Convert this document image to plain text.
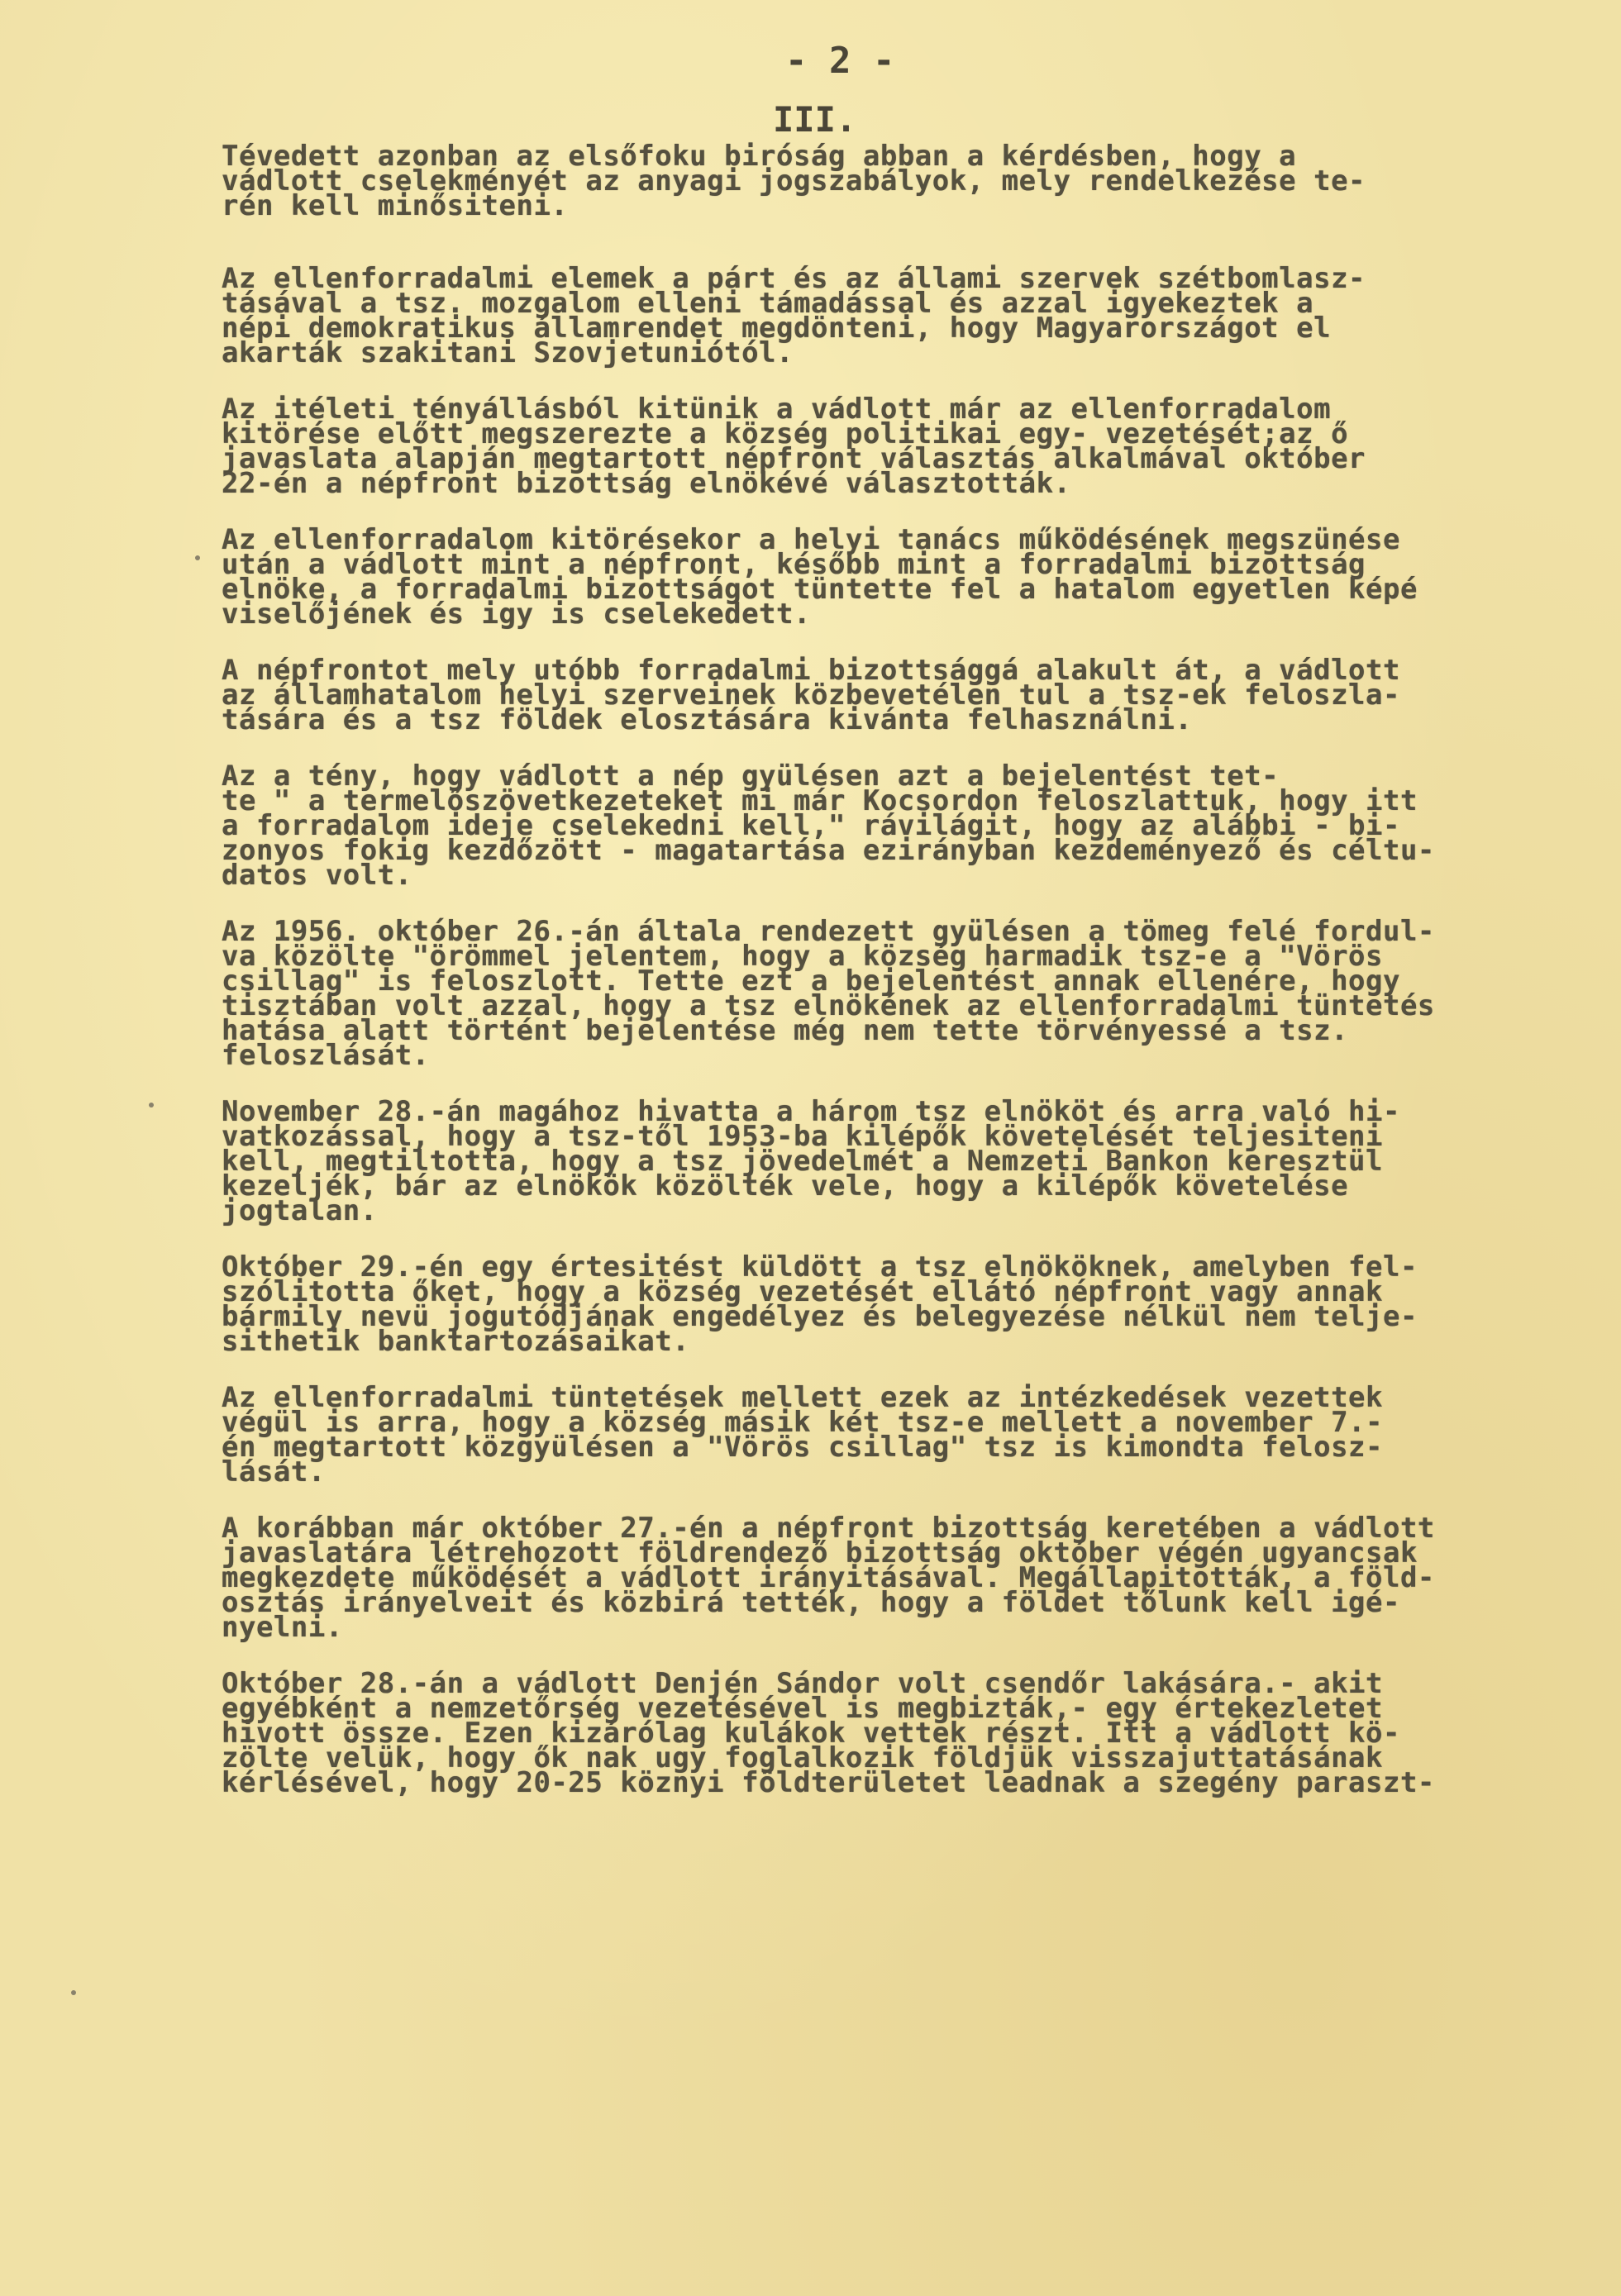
- 2 -
III.
Tévedett azonban az elsőfoku biróság abban a kérdésben, hogy a
vádlott cselekményét az anyagi jogszabályok, mely rendelkezése te-
rén kell minősiteni.
Az ellenforradalmi elemek a párt és az állami szervek szétbomlasz-
tásával a tsz. mozgalom elleni támadással és azzal igyekeztek a
népi demokratikus államrendet megdönteni, hogy Magyarországot el
akarták szakitani Szovjetuniótól.
Az itéleti tényállásból kitünik a vádlott már az ellenforradalom
kitörése előtt megszerezte a község politikai egy- vezetését;az ő
javaslata alapján megtartott népfront választás alkalmával október
22-én a népfront bizottság elnökévé választották.
Az ellenforradalom kitörésekor a helyi tanács működésének megszünése
után a vádlott mint a népfront, később mint a forradalmi bizottság
elnöke, a forradalmi bizottságot tüntette fel a hatalom egyetlen képé
viselőjének és igy is cselekedett.
A népfrontot mely utóbb forradalmi bizottsággá alakult át, a vádlott
az államhatalom helyi szerveinek közbevetélen tul a tsz-ek feloszla-
tására és a tsz földek elosztására kivánta felhasználni.
Az a tény, hogy vádlott a nép gyülésen azt a bejelentést tet-
te " a termelőszövetkezeteket mi már Kocsordon feloszlattuk, hogy itt
a forradalom ideje cselekedni kell," rávilágit, hogy az alábbi - bi-
zonyos fokig kezdőzött - magatartása ezirányban kezdeményező és céltu-
datos volt.
Az 1956. október 26.-án általa rendezett gyülésen a tömeg felé fordul-
va közölte "örömmel jelentem, hogy a község harmadik tsz-e a "Vörös
csillag" is feloszlott. Tette ezt a bejelentést annak ellenére, hogy
tisztában volt azzal, hogy a tsz elnökének az ellenforradalmi tüntetés
hatása alatt történt bejelentése még nem tette törvényessé a tsz.
feloszlását.
November 28.-án magához hivatta a három tsz elnököt és arra való hi-
vatkozással, hogy a tsz-től 1953-ba kilépők követelését teljesiteni
kell, megtiltotta, hogy a tsz jövedelmét a Nemzeti Bankon keresztül
kezeljék, bár az elnökök közölték vele, hogy a kilépők követelése
jogtalan.
Október 29.-én egy értesitést küldött a tsz elnököknek, amelyben fel-
szólitotta őket, hogy a község vezetését ellátó népfront vagy annak
bármily nevü jogutódjának engedélyez és belegyezése nélkül nem telje-
sithetik banktartozásaikat.
Az ellenforradalmi tüntetések mellett ezek az intézkedések vezettek
végül is arra, hogy a község másik két tsz-e mellett a november 7.-
én megtartott közgyülésen a "Vörös csillag" tsz is kimondta felosz-
lását.
A korábban már október 27.-én a népfront bizottság keretében a vádlott
javaslatára létrehozott földrendező bizottság október végén ugyancsak
megkezdete működését a vádlott irányitásával. Megállapitották, a föld-
osztás irányelveit és közbirá tették, hogy a földet tőlunk kell igé-
nyelni.
Október 28.-án a vádlott Denjén Sándor volt csendőr lakására.- akit
egyébként a nemzetőrség vezetésével is megbizták,- egy értekezletet
hivott össze. Ezen kizárólag kulákok vettek részt. Itt a vádlott kö-
zölte velük, hogy ők nak ugy foglalkozik földjük visszajuttatásának
kérlésével, hogy 20-25 köznyi földterületet leadnak a szegény paraszt-
